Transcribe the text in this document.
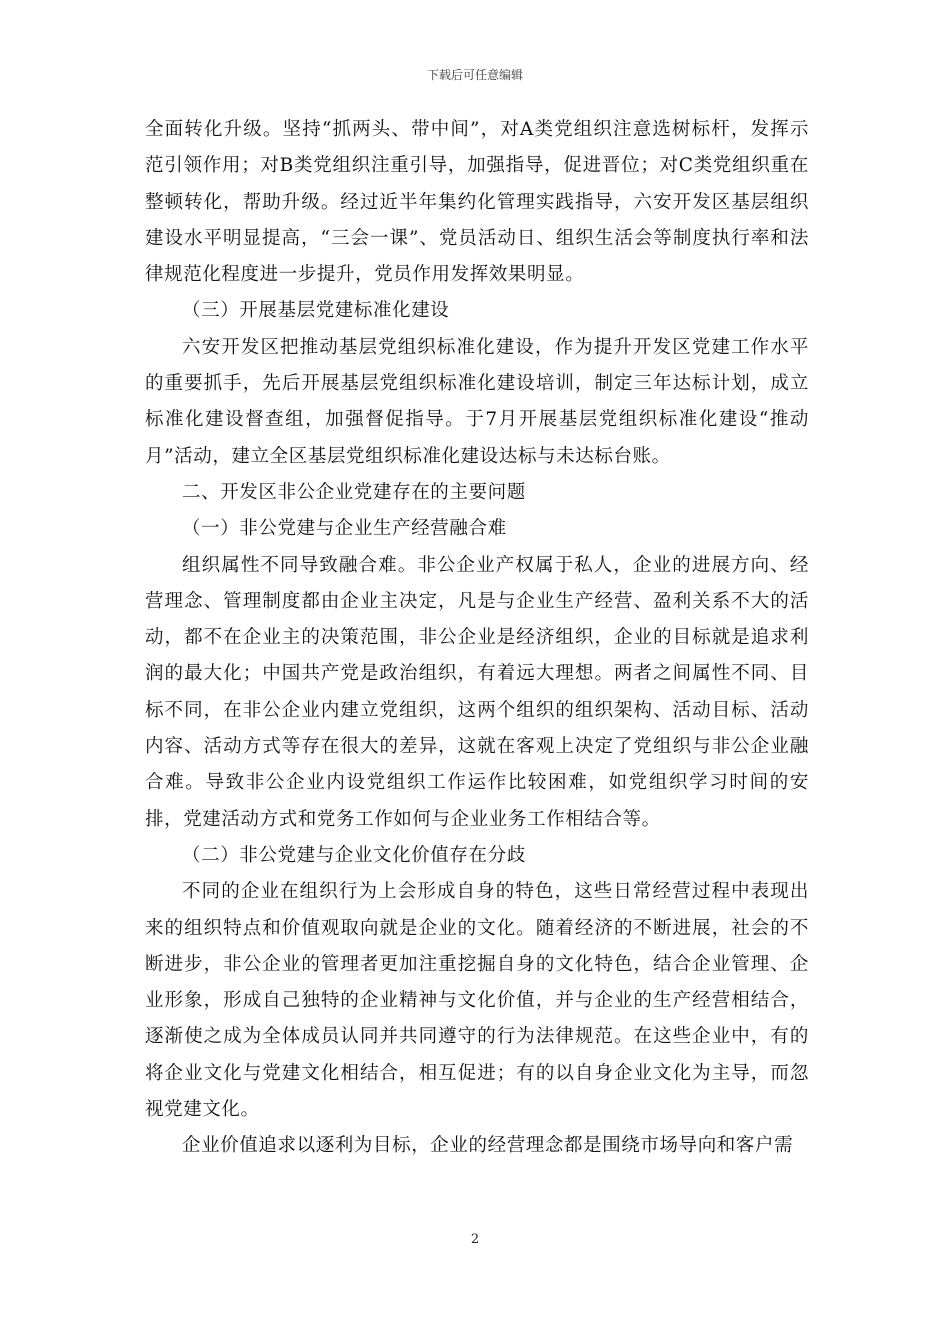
下载后可任意编辑

全面转化升级。坚持“抓两头、带中间”，对A类党组织注意选树标杆，发挥示范引领作用；对B类党组织注重引导，加强指导，促进晋位；对C类党组织重在整顿转化，帮助升级。经过近半年集约化管理实践指导，六安开发区基层组织建设水平明显提高，“三会一课”、党员活动日、组织生活会等制度执行率和法律规范化程度进一步提升，党员作用发挥效果明显。

（三）开展基层党建标准化建设

六安开发区把推动基层党组织标准化建设，作为提升开发区党建工作水平的重要抓手，先后开展基层党组织标准化建设培训，制定三年达标计划，成立标准化建设督查组，加强督促指导。于7月开展基层党组织标准化建设“推动月”活动，建立全区基层党组织标准化建设达标与未达标台账。

二、开发区非公企业党建存在的主要问题

（一）非公党建与企业生产经营融合难

组织属性不同导致融合难。非公企业产权属于私人，企业的进展方向、经营理念、管理制度都由企业主决定，凡是与企业生产经营、盈利关系不大的活动，都不在企业主的决策范围，非公企业是经济组织，企业的目标就是追求利润的最大化；中国共产党是政治组织，有着远大理想。两者之间属性不同、目标不同，在非公企业内建立党组织，这两个组织的组织架构、活动目标、活动内容、活动方式等存在很大的差异，这就在客观上决定了党组织与非公企业融合难。导致非公企业内设党组织工作运作比较困难，如党组织学习时间的安排，党建活动方式和党务工作如何与企业业务工作相结合等。

（二）非公党建与企业文化价值存在分歧

不同的企业在组织行为上会形成自身的特色，这些日常经营过程中表现出来的组织特点和价值观取向就是企业的文化。随着经济的不断进展，社会的不断进步，非公企业的管理者更加注重挖掘自身的文化特色，结合企业管理、企业形象，形成自己独特的企业精神与文化价值，并与企业的生产经营相结合，逐渐使之成为全体成员认同并共同遵守的行为法律规范。在这些企业中，有的将企业文化与党建文化相结合，相互促进；有的以自身企业文化为主导，而忽视党建文化。

企业价值追求以逐利为目标，企业的经营理念都是围绕市场导向和客户需

2
